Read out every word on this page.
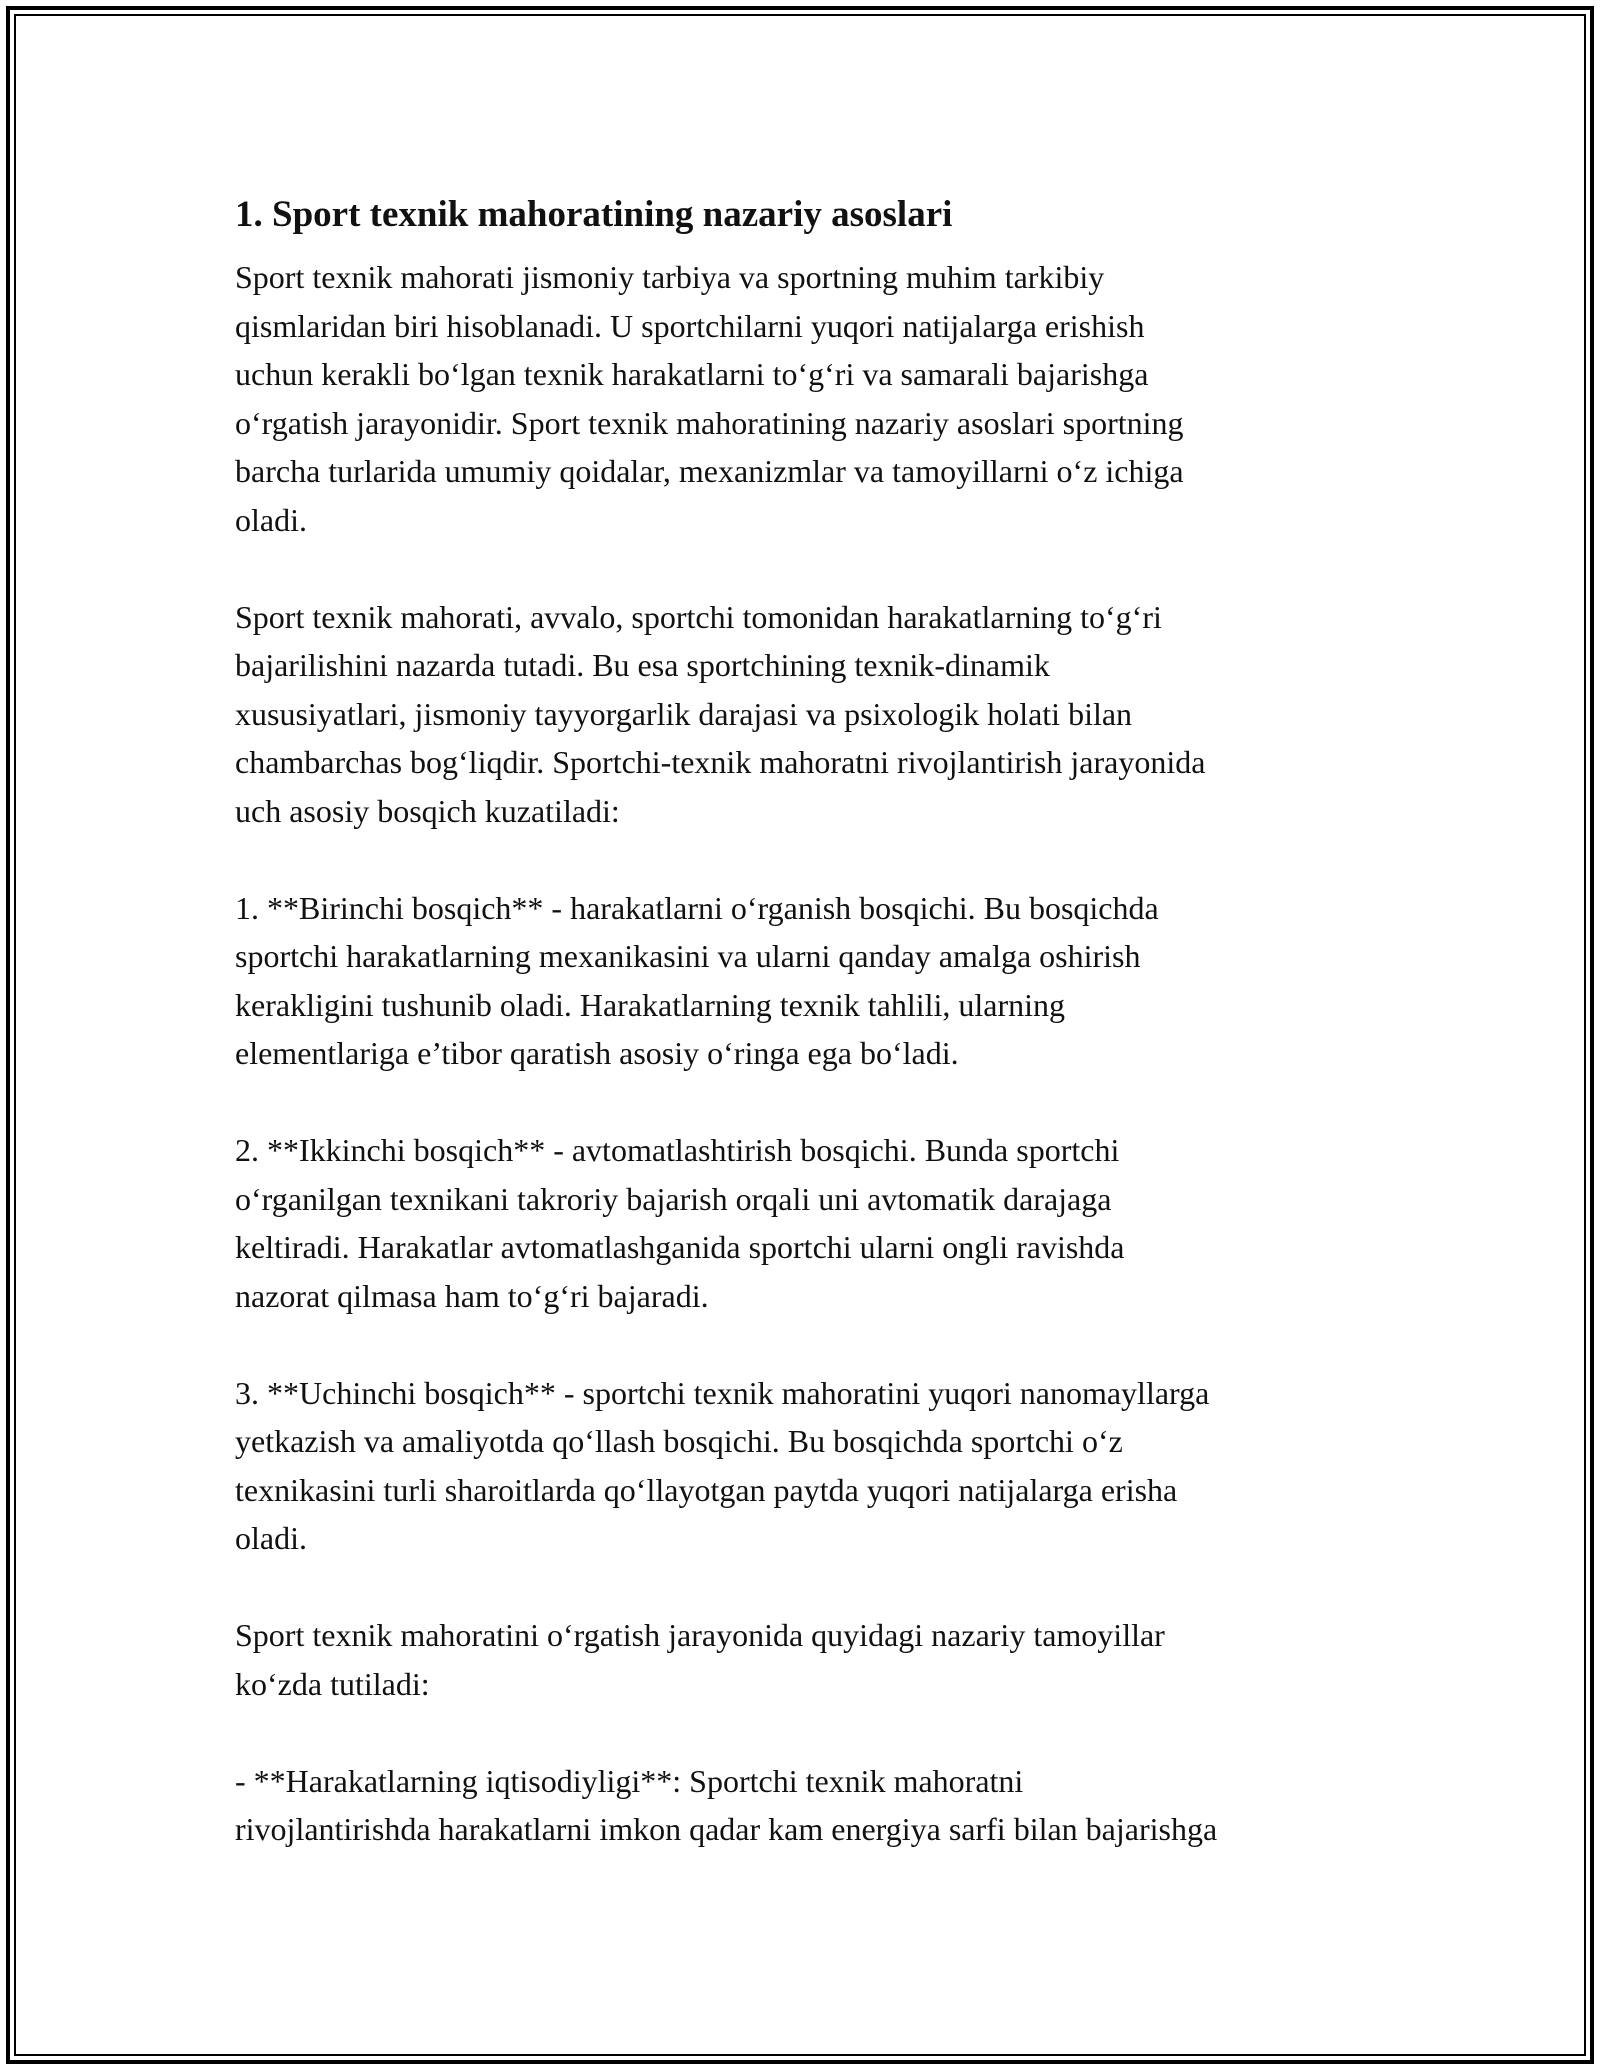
1. Sport texnik mahoratining nazariy asoslari
Sport texnik mahorati jismoniy tarbiya va sportning muhim tarkibiy
qismlaridan biri hisoblanadi. U sportchilarni yuqori natijalarga erishish
uchun kerakli bo‘lgan texnik harakatlarni to‘g‘ri va samarali bajarishga
o‘rgatish jarayonidir. Sport texnik mahoratining nazariy asoslari sportning
barcha turlarida umumiy qoidalar, mexanizmlar va tamoyillarni o‘z ichiga
oladi.
Sport texnik mahorati, avvalo, sportchi tomonidan harakatlarning to‘g‘ri
bajarilishini nazarda tutadi. Bu esa sportchining texnik-dinamik
xususiyatlari, jismoniy tayyorgarlik darajasi va psixologik holati bilan
chambarchas bog‘liqdir. Sportchi-texnik mahoratni rivojlantirish jarayonida
uch asosiy bosqich kuzatiladi:
1. **Birinchi bosqich** - harakatlarni o‘rganish bosqichi. Bu bosqichda
sportchi harakatlarning mexanikasini va ularni qanday amalga oshirish
kerakligini tushunib oladi. Harakatlarning texnik tahlili, ularning
elementlariga e’tibor qaratish asosiy o‘ringa ega bo‘ladi.
2. **Ikkinchi bosqich** - avtomatlashtirish bosqichi. Bunda sportchi
o‘rganilgan texnikani takroriy bajarish orqali uni avtomatik darajaga
keltiradi. Harakatlar avtomatlashganida sportchi ularni ongli ravishda
nazorat qilmasa ham to‘g‘ri bajaradi.
3. **Uchinchi bosqich** - sportchi texnik mahoratini yuqori nanomayllarga
yetkazish va amaliyotda qo‘llash bosqichi. Bu bosqichda sportchi o‘z
texnikasini turli sharoitlarda qo‘llayotgan paytda yuqori natijalarga erisha
oladi.
Sport texnik mahoratini o‘rgatish jarayonida quyidagi nazariy tamoyillar
ko‘zda tutiladi:
- **Harakatlarning iqtisodiyligi**: Sportchi texnik mahoratni
rivojlantirishda harakatlarni imkon qadar kam energiya sarfi bilan bajarishga
